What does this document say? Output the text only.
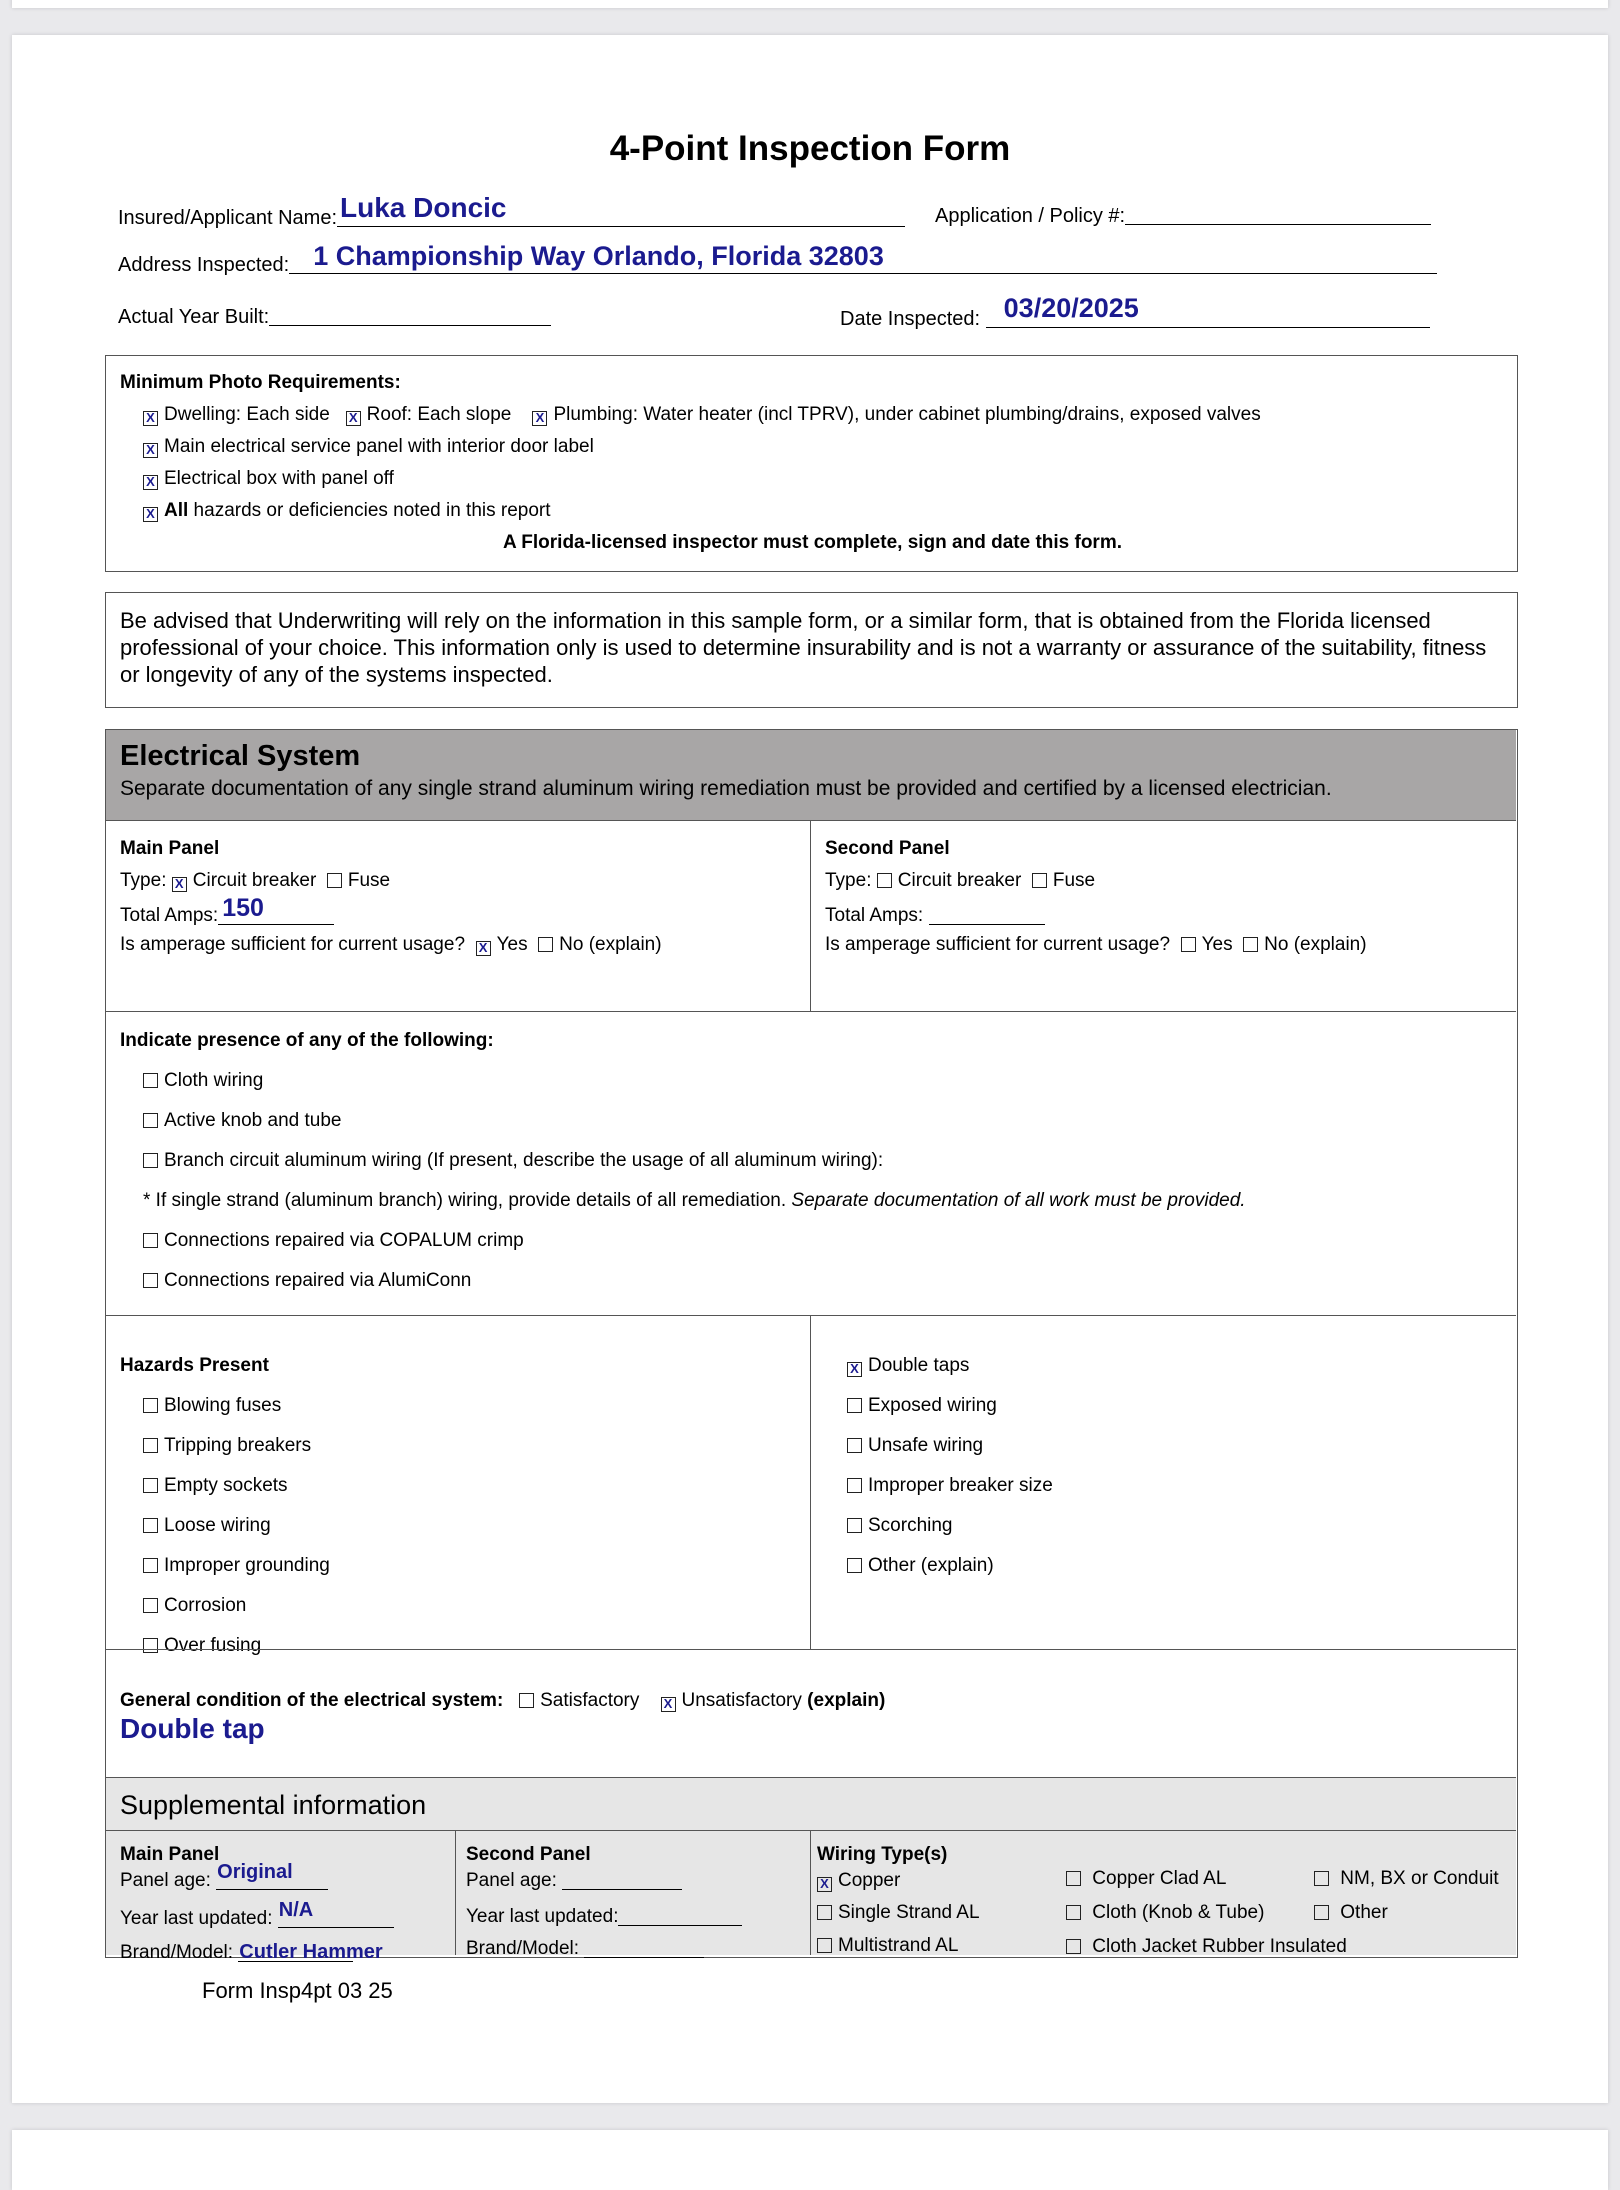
4-Point Inspection Form
Insured/Applicant Name: Luka Doncic	Application / Policy #:
Address Inspected: 1 Championship Way Orlando, Florida 32803
Actual Year Built:	Date Inspected: 03/20/2025
Minimum Photo Requirements:
X Dwelling: Each side X Roof: Each slope X Plumbing: Water heater (incl TPRV), under cabinet plumbing/drains, exposed valves
X Main electrical service panel with interior door label
X Electrical box with panel off
X All hazards or deficiencies noted in this report
A Florida-licensed inspector must complete, sign and date this form.
Be advised that Underwriting will rely on the information in this sample form, or a similar form, that is obtained from the Florida licensed professional of your choice. This information only is used to determine insurability and is not a warranty or assurance of the suitability, fitness or longevity of any of the systems inspected.
Electrical System
Separate documentation of any single strand aluminum wiring remediation must be provided and certified by a licensed electrician.
Main Panel
Type: X Circuit breaker Fuse
Total Amps: 150
Is amperage sufficient for current usage? X Yes No (explain)
Second Panel
Type: Circuit breaker Fuse
Total Amps:
Is amperage sufficient for current usage? Yes No (explain)
Indicate presence of any of the following:
Cloth wiring
Active knob and tube
Branch circuit aluminum wiring (If present, describe the usage of all aluminum wiring):
* If single strand (aluminum branch) wiring, provide details of all remediation. Separate documentation of all work must be provided.
Connections repaired via COPALUM crimp
Connections repaired via AlumiConn
Hazards Present
Blowing fuses
Tripping breakers
Empty sockets
Loose wiring
Improper grounding
Corrosion
Over fusing
X Double taps
Exposed wiring
Unsafe wiring
Improper breaker size
Scorching
Other (explain)
General condition of the electrical system: Satisfactory X Unsatisfactory (explain)
Double tap
Supplemental information
Main Panel
Panel age: Original
Year last updated: N/A
Brand/Model: Cutler Hammer
Second Panel
Panel age:
Year last updated:
Brand/Model:
Wiring Type(s)
X Copper
Single Strand AL
Multistrand AL
Copper Clad AL
Cloth (Knob & Tube)
Cloth Jacket Rubber Insulated
NM, BX or Conduit
Other
Form Insp4pt 03 25
